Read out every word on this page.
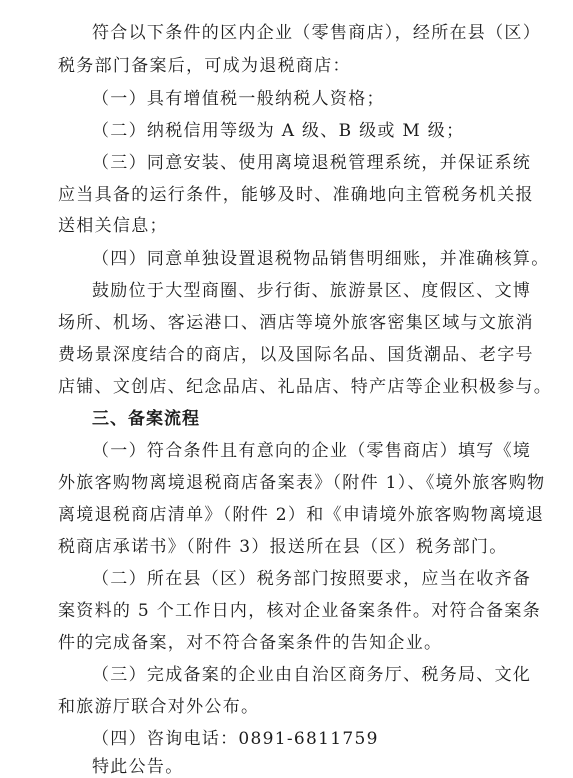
符合以下条件的区内企业（零售商店），经所在县（区）
税务部门备案后，可成为退税商店：
（一）具有增值税一般纳税人资格；
（二）纳税信用等级为 A 级、B 级或 M 级；
（三）同意安装、使用离境退税管理系统，并保证系统
应当具备的运行条件，能够及时、准确地向主管税务机关报
送相关信息；
（四）同意单独设置退税物品销售明细账，并准确核算。
鼓励位于大型商圈、步行街、旅游景区、度假区、文博
场所、机场、客运港口、酒店等境外旅客密集区域与文旅消
费场景深度结合的商店，以及国际名品、国货潮品、老字号
店铺、文创店、纪念品店、礼品店、特产店等企业积极参与。
三、备案流程
（一）符合条件且有意向的企业（零售商店）填写《境
外旅客购物离境退税商店备案表》（附件 1）、《境外旅客购物
离境退税商店清单》（附件 2）和《申请境外旅客购物离境退
税商店承诺书》（附件 3）报送所在县（区）税务部门。
（二）所在县（区）税务部门按照要求，应当在收齐备
案资料的 5 个工作日内，核对企业备案条件。对符合备案条
件的完成备案，对不符合备案条件的告知企业。
（三）完成备案的企业由自治区商务厅、税务局、文化
和旅游厅联合对外公布。
（四）咨询电话：0891-6811759
特此公告。
